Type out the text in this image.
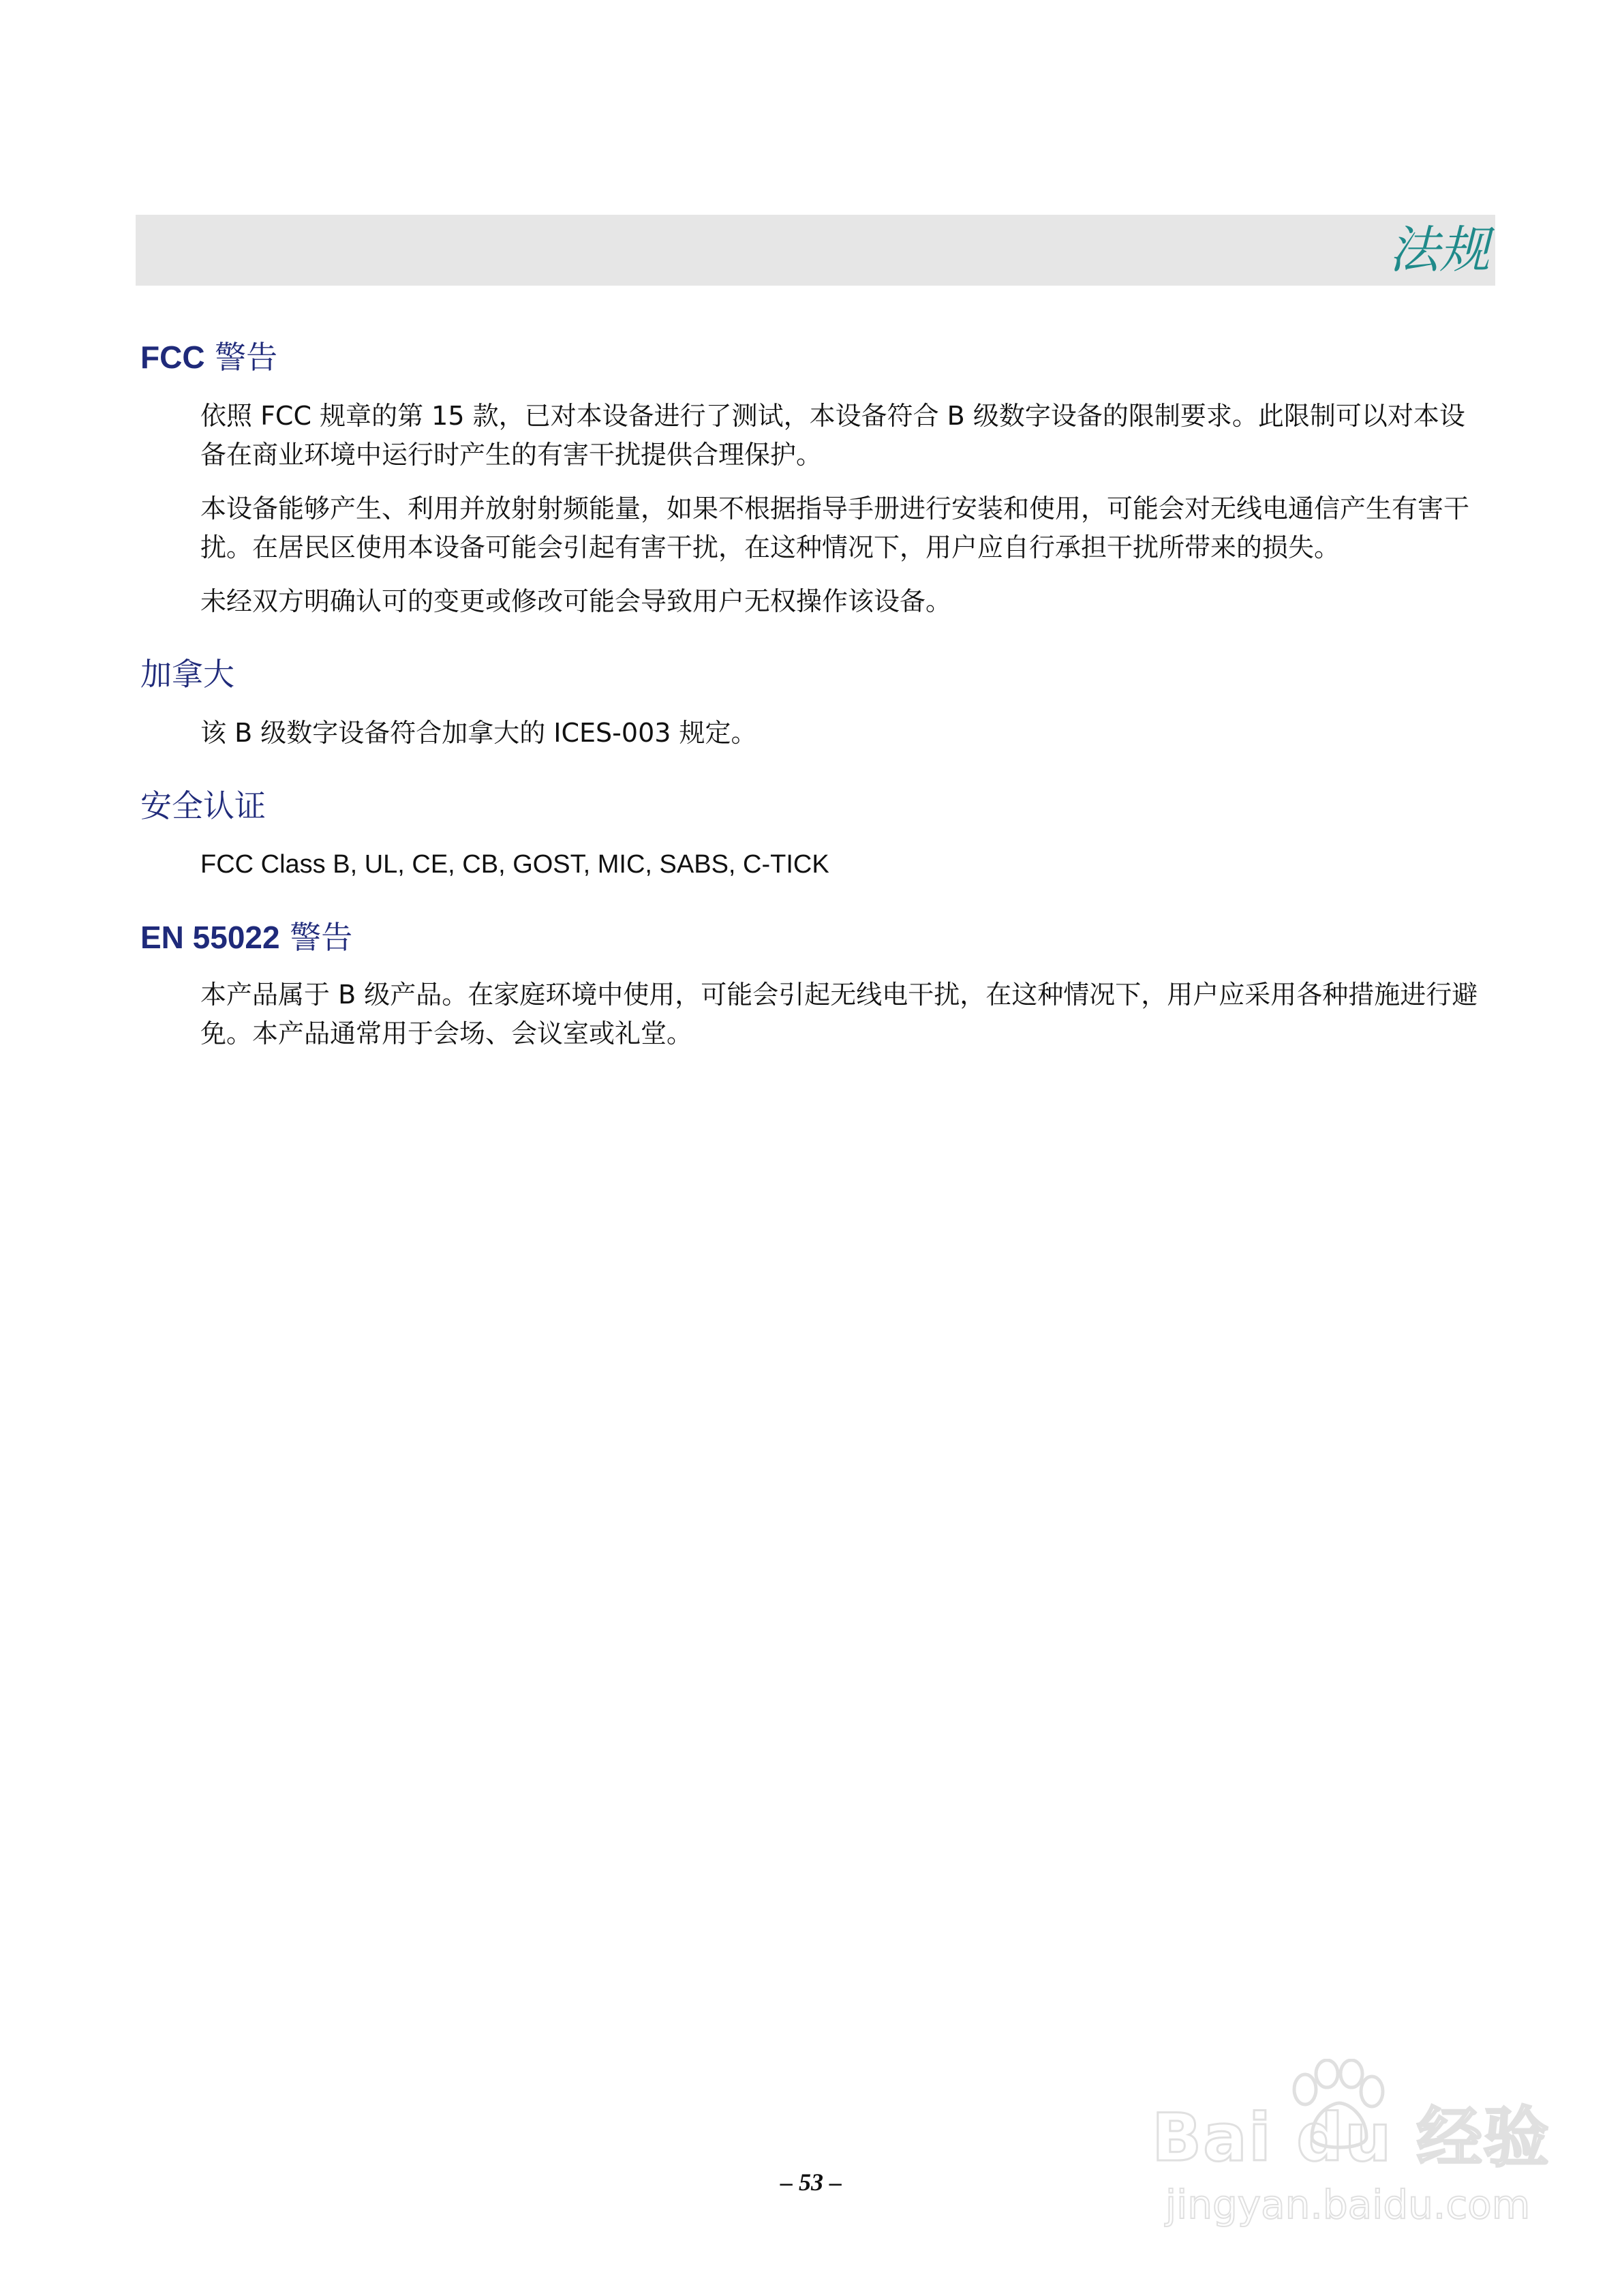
法规
FCC 警告

依照 FCC 规章的第 15 款，已对本设备进行了测试，本设备符合 B 级数字设备的限制要求。此限制可以对本设备在商业环境中运行时产生的有害干扰提供合理保护。

本设备能够产生、利用并放射射频能量，如果不根据指导手册进行安装和使用，可能会对无线电通信产生有害干扰。在居民区使用本设备可能会引起有害干扰，在这种情况下，用户应自行承担干扰所带来的损失。

未经双方明确认可的变更或修改可能会导致用户无权操作该设备。

加拿大

该 B 级数字设备符合加拿大的 ICES-003 规定。

安全认证

FCC Class B, UL, CE, CB, GOST, MIC, SABS, C-TICK

EN 55022 警告

本产品属于 B 级产品。在家庭环境中使用，可能会引起无线电干扰，在这种情况下，用户应采用各种措施进行避免。本产品通常用于会场、会议室或礼堂。

– 53 –
Bai du 经验
jingyan.baidu.com
